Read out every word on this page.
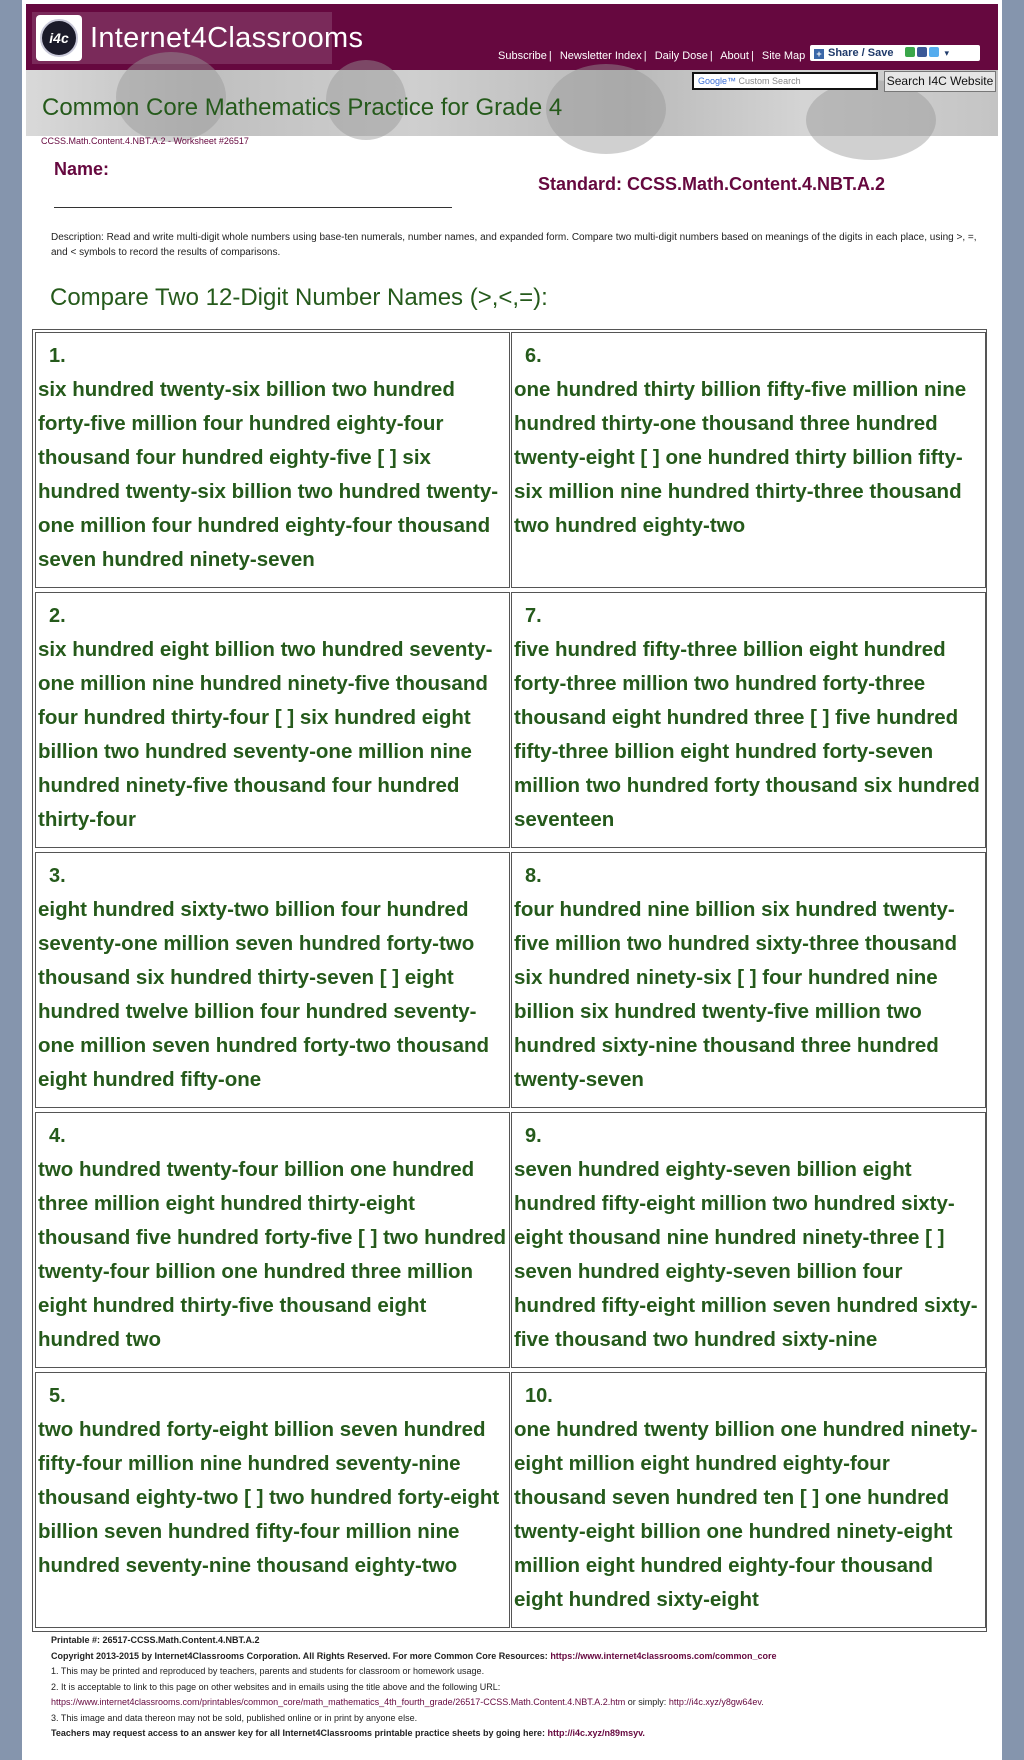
i4c Internet4Classrooms
Subscribe | Newsletter Index | Daily Dose | About | Site Map	+ Share / Save	▾
Common Core Mathematics Practice for Grade 4
Google™ Custom Search	Search I4C Website
CCSS.Math.Content.4.NBT.A.2 - Worksheet #26517
Name:
Standard: CCSS.Math.Content.4.NBT.A.2
Description: Read and write multi-digit whole numbers using base-ten numerals, number names, and expanded form. Compare two multi-digit numbers based on meanings of the digits in each place, using >, =, and < symbols to record the results of comparisons.
Compare Two 12-Digit Number Names (>,<,=):
1.
six hundred twenty-six billion two hundred forty-five million four hundred eighty-four thousand four hundred eighty-five [ ] six hundred twenty-six billion two hundred twenty-one million four hundred eighty-four thousand seven hundred ninety-seven
6.
one hundred thirty billion fifty-five million nine hundred thirty-one thousand three hundred twenty-eight [ ] one hundred thirty billion fifty-six million nine hundred thirty-three thousand two hundred eighty-two
2.
six hundred eight billion two hundred seventy-one million nine hundred ninety-five thousand four hundred thirty-four [ ] six hundred eight billion two hundred seventy-one million nine hundred ninety-five thousand four hundred thirty-four
7.
five hundred fifty-three billion eight hundred forty-three million two hundred forty-three thousand eight hundred three [ ] five hundred fifty-three billion eight hundred forty-seven million two hundred forty thousand six hundred seventeen
3.
eight hundred sixty-two billion four hundred seventy-one million seven hundred forty-two thousand six hundred thirty-seven [ ] eight hundred twelve billion four hundred seventy-one million seven hundred forty-two thousand eight hundred fifty-one
8.
four hundred nine billion six hundred twenty-five million two hundred sixty-three thousand six hundred ninety-six [ ] four hundred nine billion six hundred twenty-five million two hundred sixty-nine thousand three hundred twenty-seven
4.
two hundred twenty-four billion one hundred three million eight hundred thirty-eight thousand five hundred forty-five [ ] two hundred twenty-four billion one hundred three million eight hundred thirty-five thousand eight hundred two
9.
seven hundred eighty-seven billion eight hundred fifty-eight million two hundred sixty-eight thousand nine hundred ninety-three [ ] seven hundred eighty-seven billion four hundred fifty-eight million seven hundred sixty-five thousand two hundred sixty-nine
5.
two hundred forty-eight billion seven hundred fifty-four million nine hundred seventy-nine thousand eighty-two [ ] two hundred forty-eight billion seven hundred fifty-four million nine hundred seventy-nine thousand eighty-two
10.
one hundred twenty billion one hundred ninety-eight million eight hundred eighty-four thousand seven hundred ten [ ] one hundred twenty-eight billion one hundred ninety-eight million eight hundred eighty-four thousand eight hundred sixty-eight
Printable #: 26517-CCSS.Math.Content.4.NBT.A.2
Copyright 2013-2015 by Internet4Classrooms Corporation. All Rights Reserved. For more Common Core Resources: https://www.internet4classrooms.com/common_core
1. This may be printed and reproduced by teachers, parents and students for classroom or homework usage.
2. It is acceptable to link to this page on other websites and in emails using the title above and the following URL:
https://www.internet4classrooms.com/printables/common_core/math_mathematics_4th_fourth_grade/26517-CCSS.Math.Content.4.NBT.A.2.htm or simply: http://i4c.xyz/y8gw64ev.
3. This image and data thereon may not be sold, published online or in print by anyone else.
Teachers may request access to an answer key for all Internet4Classrooms printable practice sheets by going here: http://i4c.xyz/n89msyv.
